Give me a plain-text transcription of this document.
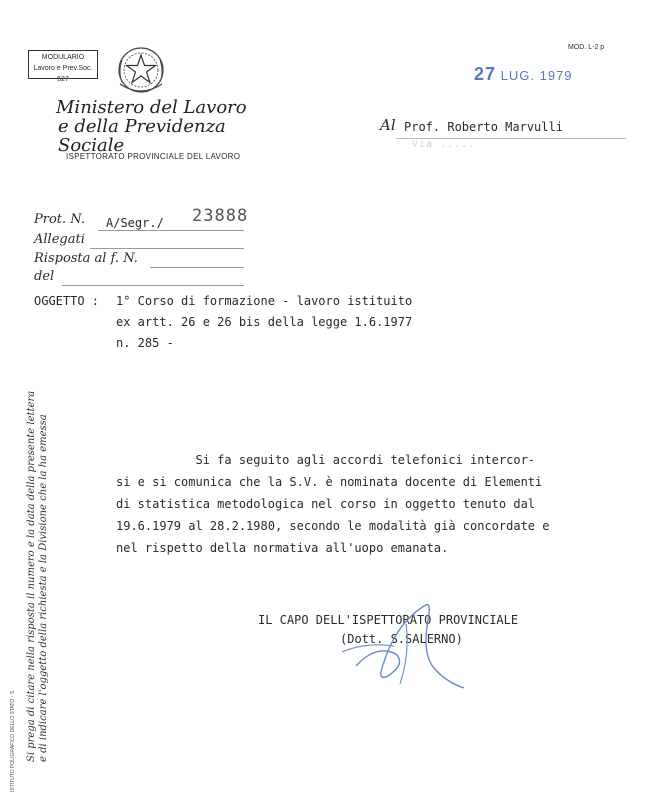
MODULARIO
Lavoro e Prev.Soc. 527
Ministero del Lavoro
e della Previdenza Sociale
ISPETTORATO PROVINCIALE DEL LAVORO
MOD. L-2 p
27 LUG. 1979
Al Prof. Roberto Marvulli
Via .....
Prot. N. A/Segr./ 23888
Allegati
Risposta al f. N.
del
OGGETTO : 1° Corso di formazione - lavoro istituito
ex artt. 26 e 26 bis della legge 1.6.1977
n. 285 -
Si fa seguito agli accordi telefonici intercor-
si e si comunica che la S.V. è nominata docente di Elementi
di statistica metodologica nel corso in oggetto tenuto dal
19.6.1979 al 28.2.1980, secondo le modalità già concordate e
nel rispetto della normativa all'uopo emanata.
IL CAPO DELL'ISPETTORATO PROVINCIALE
(Dott. S.SALERNO)
Si prega di citare nella risposta il numero e la data della presente lettera e di indicare l'oggetto della richiesta e la Divisione che la ha emessa
ISTITUTO POLIGRAFICO DELLO STATO - S.
